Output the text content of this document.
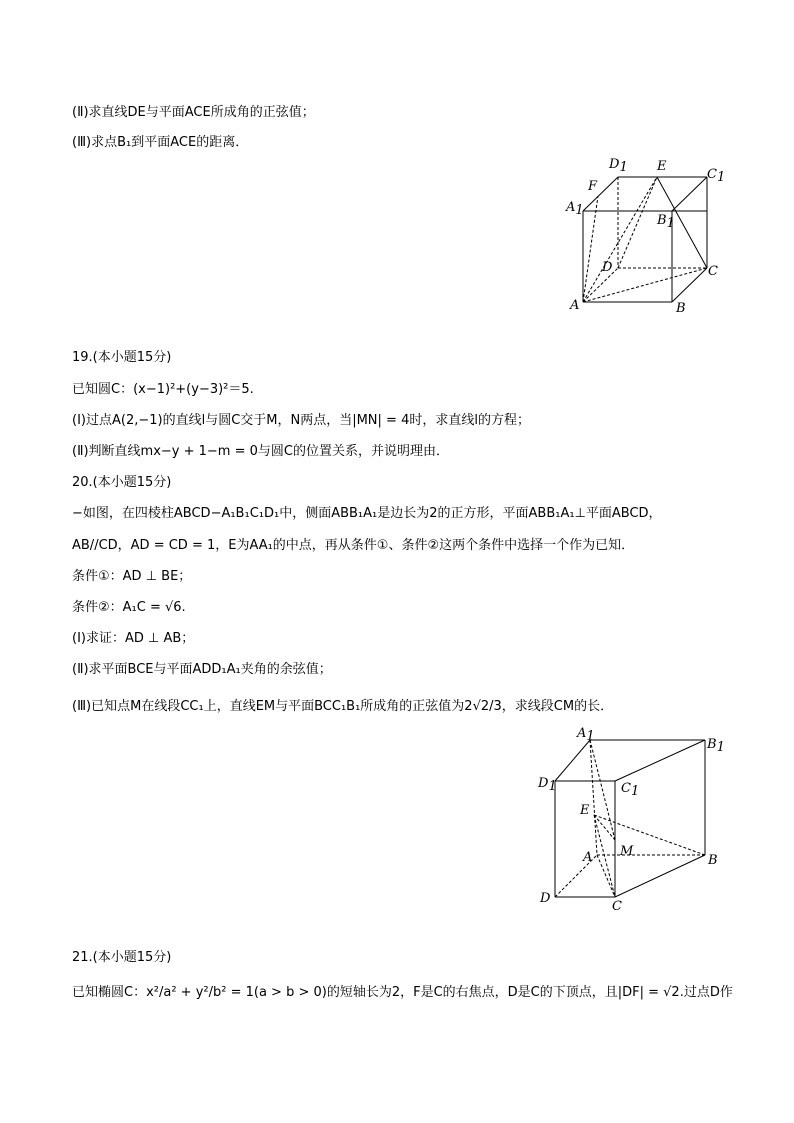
(Ⅱ)求直线DE与平面ACE所成角的正弦值；
(Ⅲ)求点B₁到平面ACE的距离．
D1 E
C1
F
A1
B1
D	C
A	B
19.(本小题15分)
已知圆C：(x−1)²+(y−3)²＝5.
(Ⅰ)过点A(2,−1)的直线l与圆C交于M，N两点，当|MN| = 4时，求直线l的方程；
(Ⅱ)判断直线mx−y + 1−m = 0与圆C的位置关系，并说明理由．
20.(本小题15分)
−如图，在四棱柱ABCD−A₁B₁C₁D₁中，侧面ABB₁A₁是边长为2的正方形，平面ABB₁A₁⊥平面ABCD，
AB//CD，AD = CD = 1，E为AA₁的中点，再从条件①、条件②这两个条件中选择一个作为已知．
条件①：AD ⊥ BE；
条件②：A₁C = √6.
(Ⅰ)求证：AD ⊥ AB；
(Ⅱ)求平面BCE与平面ADD₁A₁夹角的余弦值；
(Ⅲ)已知点M在线段CC₁上，直线EM与平面BCC₁B₁所成角的正弦值为2√2/3，求线段CM的长．
A1
B1
D1	C1
E
A M
B
D
C
21.(本小题15分)
已知椭圆C：x²/a² + y²/b² = 1(a > b > 0)的短轴长为2，F是C的右焦点，D是C的下顶点，且|DF| = √2.过点D作
